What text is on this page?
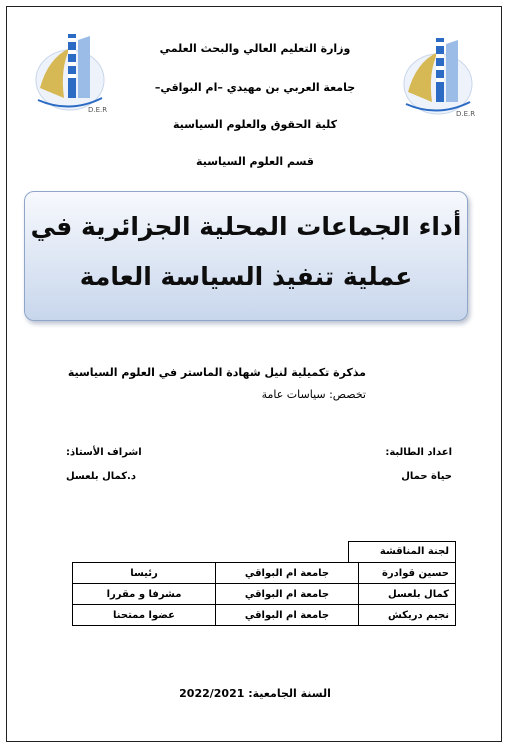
D.E.R	D.E.R
وزارة التعليم العالي والبحث العلمي
جامعة العربي بن مهيدي –ام البواقي–
كلية الحقوق والعلوم السياسية
قسم العلوم السياسية
أداء الجماعات المحلية الجزائرية في
عملية تنفيذ السياسة العامة
مذكرة تكميلية لنيل شهادة الماستر في العلوم السياسية
تخصص: سياسات عامة
اعداد الطالبة:
حياة حمال
اشراف الأستاذ:
د.كمال بلعسل
لجنة المناقشة
حسين قوادرة	جامعة ام البواقي	رئيسا
كمال بلعسل	جامعة ام البواقي	مشرفا و مقررا
نجيم دريكش	جامعة ام البواقي	عضوا ممتحنا
السنة الجامعية: 2022/2021
